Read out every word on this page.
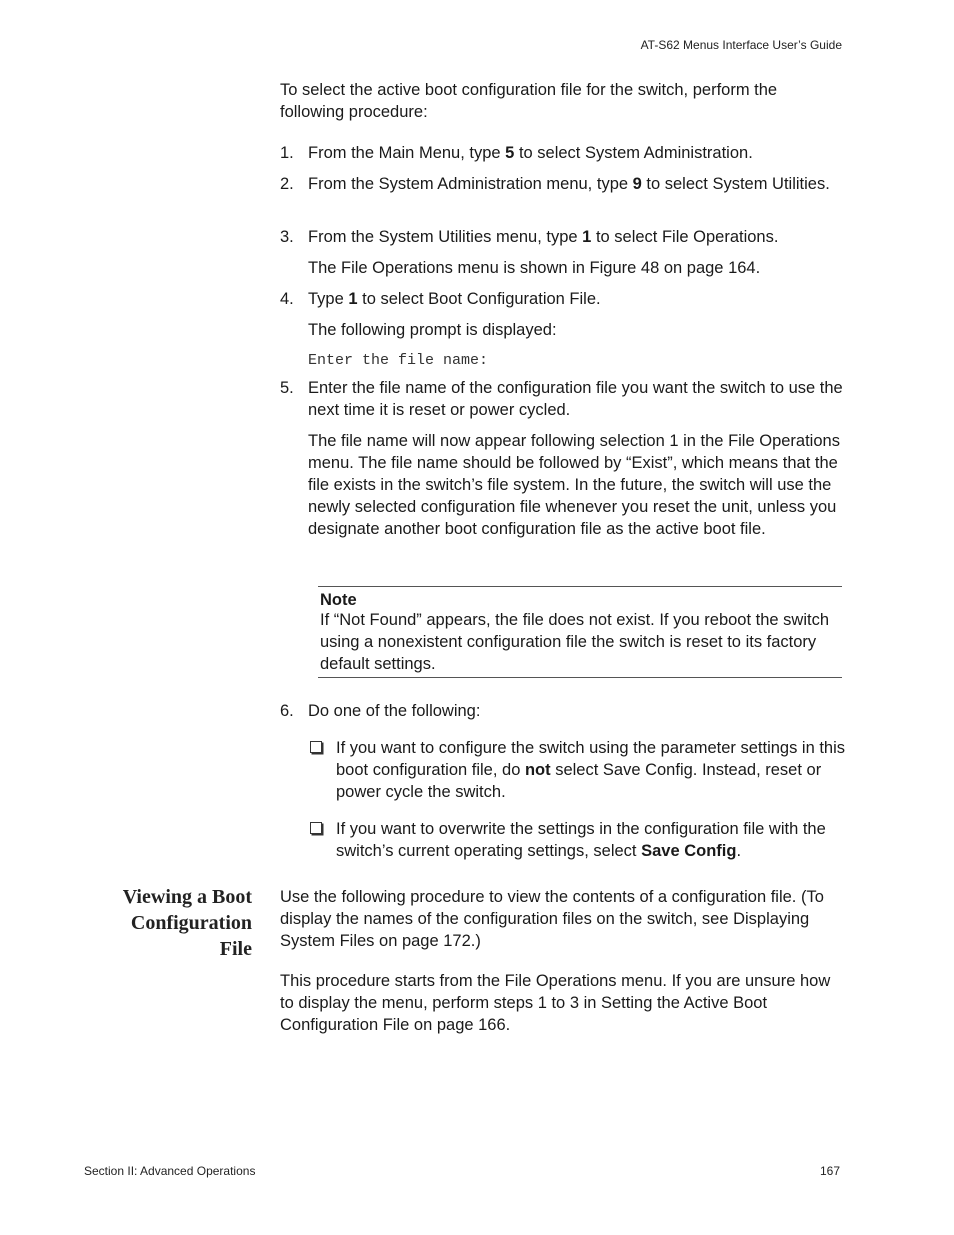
AT-S62 Menus Interface User’s Guide

To select the active boot configuration file for the switch, perform the following procedure:

1. From the Main Menu, type 5 to select System Administration.
2. From the System Administration menu, type 9 to select System Utilities.
3. From the System Utilities menu, type 1 to select File Operations.

The File Operations menu is shown in Figure 48 on page 164.

4. Type 1 to select Boot Configuration File.

The following prompt is displayed:

Enter the file name:
5. Enter the file name of the configuration file you want the switch to use the next time it is reset or power cycled.

The file name will now appear following selection 1 in the File Operations menu. The file name should be followed by “Exist”, which means that the file exists in the switch’s file system. In the future, the switch will use the newly selected configuration file whenever you reset the unit, unless you designate another boot configuration file as the active boot file.

Note
If “Not Found” appears, the file does not exist. If you reboot the switch using a nonexistent configuration file the switch is reset to its factory default settings.
6. Do one of the following:
If you want to configure the switch using the parameter settings in this boot configuration file, do not select Save Config. Instead, reset or power cycle the switch.
If you want to overwrite the settings in the configuration file with the switch’s current operating settings, select Save Config.
Viewing a Boot
Configuration
File

Use the following procedure to view the contents of a configuration file. (To display the names of the configuration files on the switch, see Displaying System Files on page 172.)

This procedure starts from the File Operations menu. If you are unsure how to display the menu, perform steps 1 to 3 in Setting the Active Boot Configuration File on page 166.

Section II: Advanced Operations	167
